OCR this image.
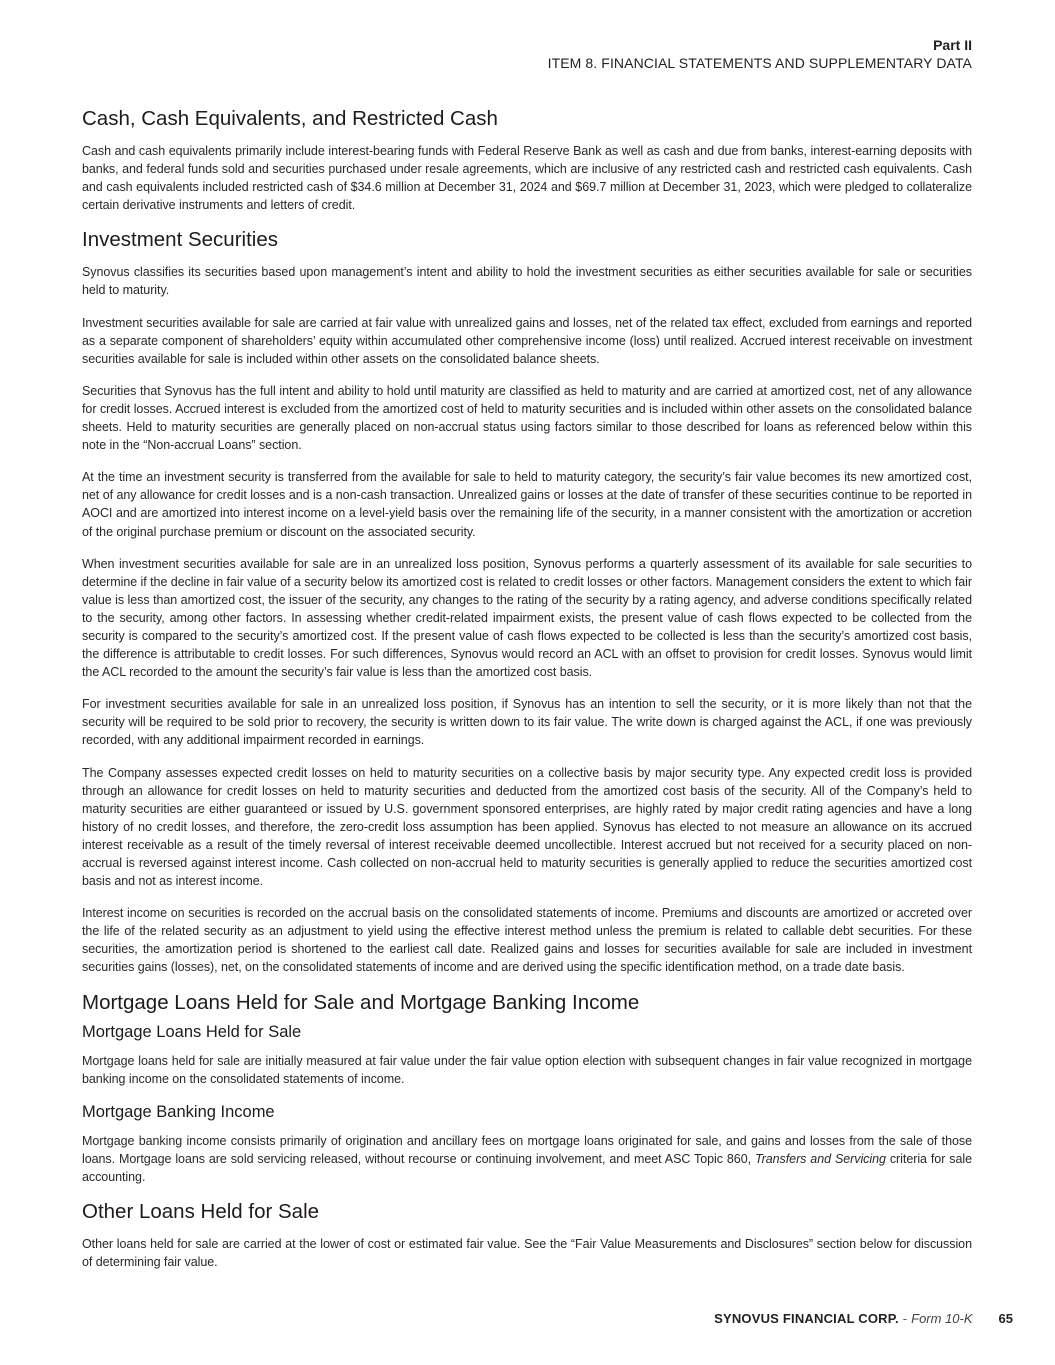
Part II
ITEM 8. FINANCIAL STATEMENTS AND SUPPLEMENTARY DATA
Cash, Cash Equivalents, and Restricted Cash

Cash and cash equivalents primarily include interest-bearing funds with Federal Reserve Bank as well as cash and due from banks, interest-earning deposits with banks, and federal funds sold and securities purchased under resale agreements, which are inclusive of any restricted cash and restricted cash equivalents. Cash and cash equivalents included restricted cash of $34.6 million at December 31, 2024 and $69.7 million at December 31, 2023, which were pledged to collateralize certain derivative instruments and letters of credit.

Investment Securities

Synovus classifies its securities based upon management’s intent and ability to hold the investment securities as either securities available for sale or securities held to maturity.

Investment securities available for sale are carried at fair value with unrealized gains and losses, net of the related tax effect, excluded from earnings and reported as a separate component of shareholders’ equity within accumulated other comprehensive income (loss) until realized. Accrued interest receivable on investment securities available for sale is included within other assets on the consolidated balance sheets.

Securities that Synovus has the full intent and ability to hold until maturity are classified as held to maturity and are carried at amortized cost, net of any allowance for credit losses. Accrued interest is excluded from the amortized cost of held to maturity securities and is included within other assets on the consolidated balance sheets. Held to maturity securities are generally placed on non-accrual status using factors similar to those described for loans as referenced below within this note in the “Non-accrual Loans” section.

At the time an investment security is transferred from the available for sale to held to maturity category, the security’s fair value becomes its new amortized cost, net of any allowance for credit losses and is a non-cash transaction. Unrealized gains or losses at the date of transfer of these securities continue to be reported in AOCI and are amortized into interest income on a level-yield basis over the remaining life of the security, in a manner consistent with the amortization or accretion of the original purchase premium or discount on the associated security.

When investment securities available for sale are in an unrealized loss position, Synovus performs a quarterly assessment of its available for sale securities to determine if the decline in fair value of a security below its amortized cost is related to credit losses or other factors. Management considers the extent to which fair value is less than amortized cost, the issuer of the security, any changes to the rating of the security by a rating agency, and adverse conditions specifically related to the security, among other factors. In assessing whether credit-related impairment exists, the present value of cash flows expected to be collected from the security is compared to the security’s amortized cost. If the present value of cash flows expected to be collected is less than the security’s amortized cost basis, the difference is attributable to credit losses. For such differences, Synovus would record an ACL with an offset to provision for credit losses. Synovus would limit the ACL recorded to the amount the security’s fair value is less than the amortized cost basis.

For investment securities available for sale in an unrealized loss position, if Synovus has an intention to sell the security, or it is more likely than not that the security will be required to be sold prior to recovery, the security is written down to its fair value. The write down is charged against the ACL, if one was previously recorded, with any additional impairment recorded in earnings.

The Company assesses expected credit losses on held to maturity securities on a collective basis by major security type. Any expected credit loss is provided through an allowance for credit losses on held to maturity securities and deducted from the amortized cost basis of the security. All of the Company’s held to maturity securities are either guaranteed or issued by U.S. government sponsored enterprises, are highly rated by major credit rating agencies and have a long history of no credit losses, and therefore, the zero-credit loss assumption has been applied. Synovus has elected to not measure an allowance on its accrued interest receivable as a result of the timely reversal of interest receivable deemed uncollectible. Interest accrued but not received for a security placed on non-accrual is reversed against interest income. Cash collected on non-accrual held to maturity securities is generally applied to reduce the securities amortized cost basis and not as interest income.

Interest income on securities is recorded on the accrual basis on the consolidated statements of income. Premiums and discounts are amortized or accreted over the life of the related security as an adjustment to yield using the effective interest method unless the premium is related to callable debt securities. For these securities, the amortization period is shortened to the earliest call date. Realized gains and losses for securities available for sale are included in investment securities gains (losses), net, on the consolidated statements of income and are derived using the specific identification method, on a trade date basis.

Mortgage Loans Held for Sale and Mortgage Banking Income
Mortgage Loans Held for Sale

Mortgage loans held for sale are initially measured at fair value under the fair value option election with subsequent changes in fair value recognized in mortgage banking income on the consolidated statements of income.

Mortgage Banking Income

Mortgage banking income consists primarily of origination and ancillary fees on mortgage loans originated for sale, and gains and losses from the sale of those loans. Mortgage loans are sold servicing released, without recourse or continuing involvement, and meet ASC Topic 860, Transfers and Servicing criteria for sale accounting.

Other Loans Held for Sale

Other loans held for sale are carried at the lower of cost or estimated fair value. See the “Fair Value Measurements and Disclosures” section below for discussion of determining fair value.

SYNOVUS FINANCIAL CORP. - Form 10-K 65
